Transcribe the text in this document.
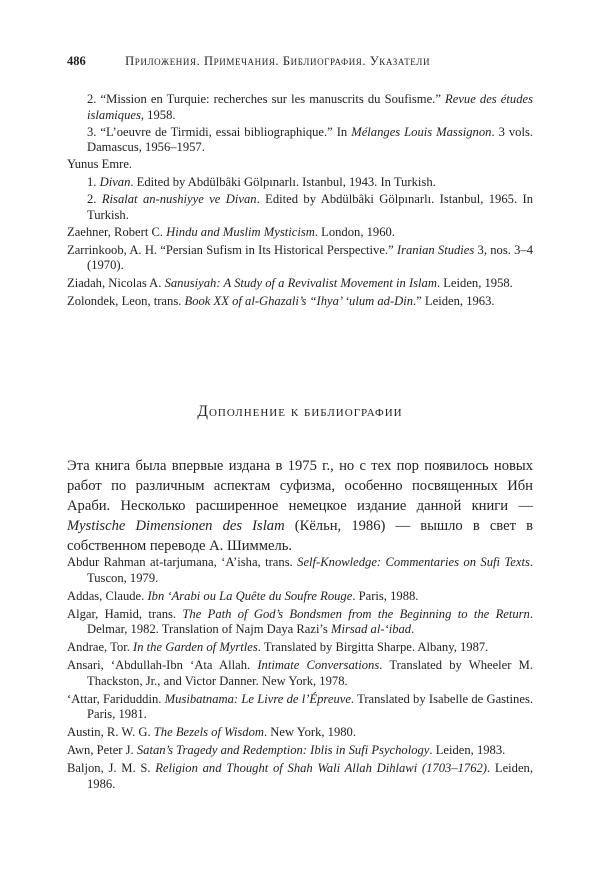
486	Приложения. Примечания. Библиография. Указатели
2. “Mission en Turquie: recherches sur les manuscrits du Soufisme.” Revue des études islamiques, 1958.
3. “L’oeuvre de Tirmidi, essai bibliographique.” In Mélanges Louis Massignon. 3 vols. Damascus, 1956–1957.
Yunus Emre.
1. Divan. Edited by Abdülbâki Gölpınarlı. Istanbul, 1943. In Turkish.
2. Risalat an-nushiyye ve Divan. Edited by Abdülbâki Gölpınarlı. Istanbul, 1965. In Turkish.
Zaehner, Robert C. Hindu and Muslim Mysticism. London, 1960.
Zarrinkoob, A. H. “Persian Sufism in Its Historical Perspective.” Iranian Studies 3, nos. 3–4 (1970).
Ziadah, Nicolas A. Sanusiyah: A Study of a Revivalist Movement in Islam. Leiden, 1958.
Zolondek, Leon, trans. Book XX of al-Ghazali’s “Ihya’ ‘ulum ad-Din.” Leiden, 1963.
Дополнение к библиографии
Эта книга была впервые издана в 1975 г., но с тех пор появилось новых работ по различным аспектам суфизма, особенно посвященных Ибн Араби. Несколько расширенное немецкое издание данной книги — Mystische Dimensionen des Islam (Кёльн, 1986) — вышло в свет в собственном переводе А. Шиммель.
Abdur Rahman at-tarjumana, ‘A’isha, trans. Self-Knowledge: Commentaries on Sufi Texts. Tuscon, 1979.
Addas, Claude. Ibn ‘Arabi ou La Quête du Soufre Rouge. Paris, 1988.
Algar, Hamid, trans. The Path of God’s Bondsmen from the Beginning to the Return. Delmar, 1982. Translation of Najm Daya Razi’s Mirsad al-‘ibad.
Andrae, Tor. In the Garden of Myrtles. Translated by Birgitta Sharpe. Albany, 1987.
Ansari, ‘Abdullah-Ibn ‘Ata Allah. Intimate Conversations. Translated by Wheeler M. Thackston, Jr., and Victor Danner. New York, 1978.
‘Attar, Fariduddin. Musibatnama: Le Livre de l’Épreuve. Translated by Isabelle de Gastines. Paris, 1981.
Austin, R. W. G. The Bezels of Wisdom. New York, 1980.
Awn, Peter J. Satan’s Tragedy and Redemption: Iblis in Sufi Psychology. Leiden, 1983.
Baljon, J. M. S. Religion and Thought of Shah Wali Allah Dihlawi (1703–1762). Leiden, 1986.
